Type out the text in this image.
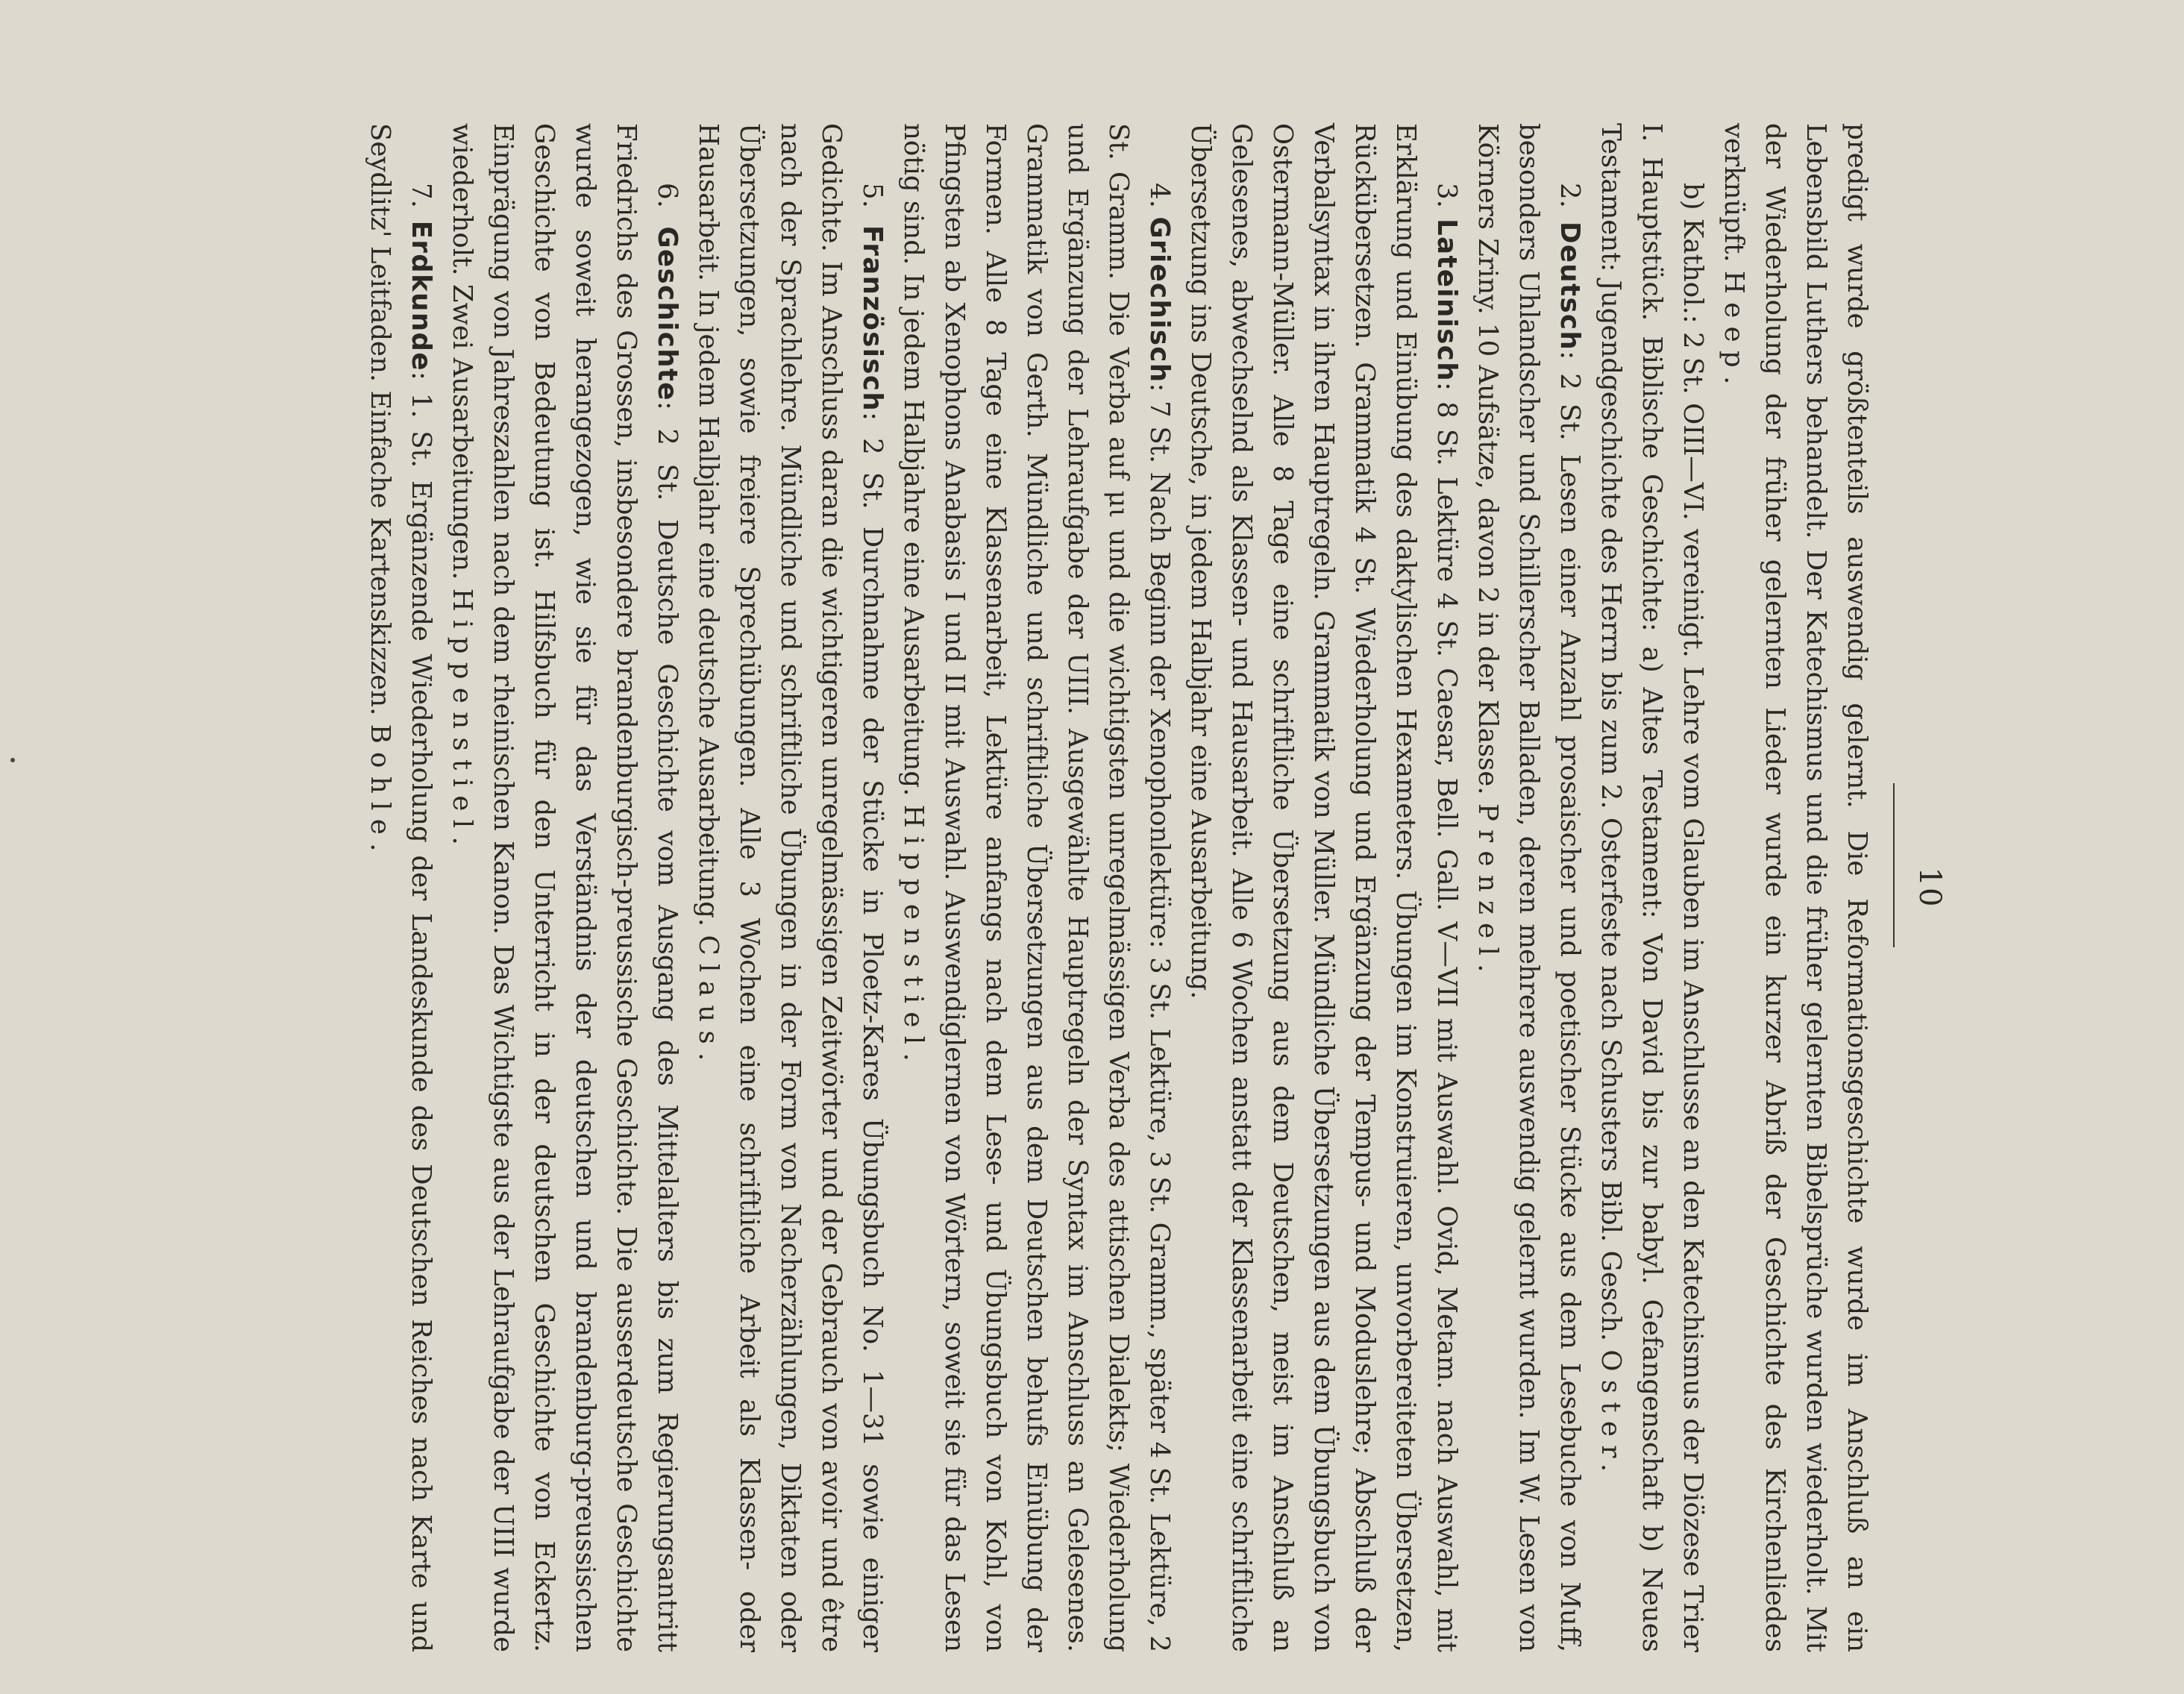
10

predigt wurde größtenteils auswendig gelernt. Die Reformationsgeschichte wurde im Anschluß an ein Lebensbild Luthers behandelt. Der Katechismus und die früher gelernten Bibelsprüche wurden wiederholt. Mit der Wiederholung der früher gelernten Lieder wurde ein kurzer Abriß der Geschichte des Kirchenliedes verknüpft. Heep.

b) Kathol.: 2 St. OIII—VI. vereinigt. Lehre vom Glauben im Anschlusse an den Katechismus der Diözese Trier I. Hauptstück. Biblische Geschichte: a) Altes Testament: Von David bis zur babyl. Gefangenschaft b) Neues Testament: Jugendgeschichte des Herrn bis zum 2. Osterfeste nach Schusters Bibl. Gesch. Oster.

2. Deutsch: 2 St. Lesen einer Anzahl prosaischer und poetischer Stücke aus dem Lesebuche von Muff, besonders Uhlandscher und Schillerscher Balladen, deren mehrere auswendig gelernt wurden. Im W. Lesen von Körners Zriny. 10 Aufsätze, davon 2 in der Klasse. Prenzel.

3. Lateinisch: 8 St. Lektüre 4 St. Caesar, Bell. Gall. V—VII mit Auswahl. Ovid, Metam. nach Auswahl, mit Erklärung und Einübung des daktylischen Hexameters. Übungen im Konstruieren, unvorbereiteten Übersetzen, Rückübersetzen. Grammatik 4 St. Wiederholung und Ergänzung der Tempus- und Moduslehre; Abschluß der Verbalsyntax in ihren Hauptregeln. Grammatik von Müller. Mündliche Übersetzungen aus dem Übungsbuch von Ostermann-Müller. Alle 8 Tage eine schriftliche Übersetzung aus dem Deutschen, meist im Anschluß an Gelesenes, abwechselnd als Klassen- und Hausarbeit. Alle 6 Wochen anstatt der Klassenarbeit eine schriftliche Übersetzung ins Deutsche, in jedem Halbjahr eine Ausarbeitung.

4. Griechisch: 7 St. Nach Beginn der Xenophonlektüre: 3 St. Lektüre, 3 St. Gramm., später 4 St. Lektüre, 2 St. Gramm. Die Verba auf μι und die wichtigsten unregelmässigen Verba des attischen Dialekts; Wiederholung und Ergänzung der Lehraufgabe der UIII. Ausgewählte Hauptregeln der Syntax im Anschluss an Gelesenes. Grammatik von Gerth. Mündliche und schriftliche Übersetzungen aus dem Deutschen behufs Einübung der Formen. Alle 8 Tage eine Klassenarbeit, Lektüre anfangs nach dem Lese- und Übungsbuch von Kohl, von Pfingsten ab Xenophons Anabasis I und II mit Auswahl. Auswendiglernen von Wörtern, soweit sie für das Lesen nötig sind. In jedem Halbjahre eine Ausarbeitung. Hippenstiel.

5. Französisch: 2 St. Durchnahme der Stücke in Ploetz-Kares Übungsbuch No. 1—31 sowie einiger Gedichte. Im Anschluss daran die wichtigeren unregelmässigen Zeitwörter und der Gebrauch von avoir und être nach der Sprachlehre. Mündliche und schriftliche Übungen in der Form von Nacherzählungen, Diktaten oder Übersetzungen, sowie freiere Sprechübungen. Alle 3 Wochen eine schriftliche Arbeit als Klassen- oder Hausarbeit. In jedem Halbjahr eine deutsche Ausarbeitung. Claus.

6. Geschichte: 2 St. Deutsche Geschichte vom Ausgang des Mittelalters bis zum Regierungsantritt Friedrichs des Grossen, insbesondere brandenburgisch-preussische Geschichte. Die ausserdeutsche Geschichte wurde soweit herangezogen, wie sie für das Verständnis der deutschen und brandenburg-preussischen Geschichte von Bedeutung ist. Hilfsbuch für den Unterricht in der deutschen Geschichte von Eckertz. Einprägung von Jahreszahlen nach dem rheinischen Kanon. Das Wichtigste aus der Lehraufgabe der UIII wurde wiederholt. Zwei Ausarbeitungen. Hippenstiel.

7. Erdkunde: 1. St. Ergänzende Wiederholung der Landeskunde des Deutschen Reiches nach Karte und Seydlitz' Leitfaden. Einfache Kartenskizzen. Bohle.
